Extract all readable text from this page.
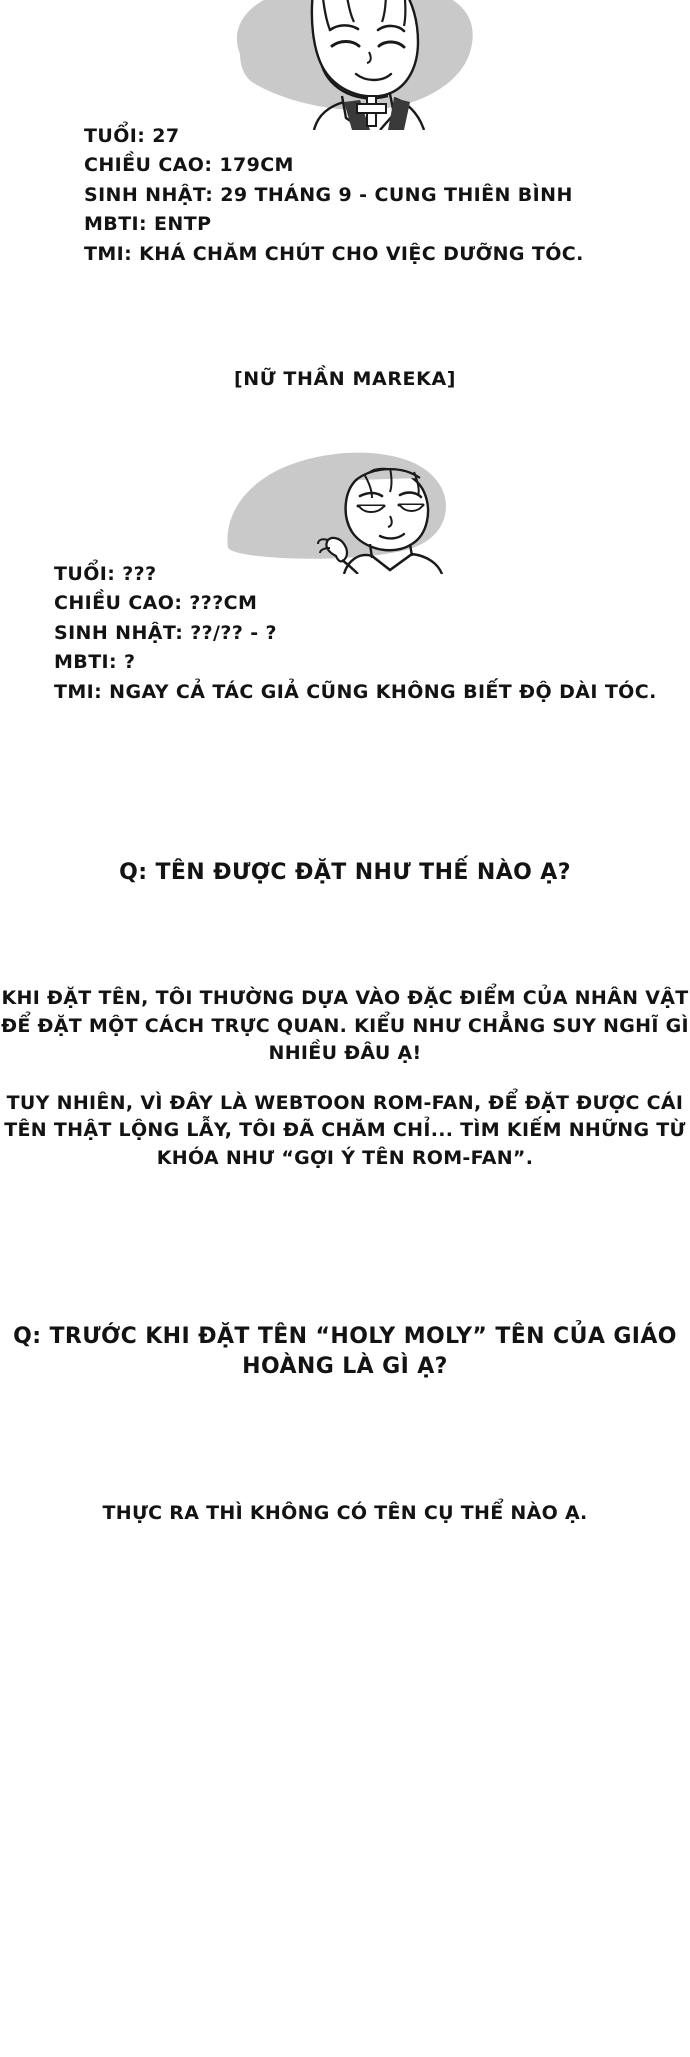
TUỔI: 27
CHIỀU CAO: 179CM
SINH NHẬT: 29 THÁNG 9 - CUNG THIÊN BÌNH
MBTI: ENTP
TMI: KHÁ CHĂM CHÚT CHO VIỆC DƯỠNG TÓC.
[NỮ THẦN MAREKA]
TUỔI: ???
CHIỀU CAO: ???CM
SINH NHẬT: ??/?? - ?
MBTI: ?
TMI: NGAY CẢ TÁC GIẢ CŨNG KHÔNG BIẾT ĐỘ DÀI TÓC.
Q: TÊN ĐƯỢC ĐẶT NHƯ THẾ NÀO Ạ?

KHI ĐẶT TÊN, TÔI THƯỜNG DỰA VÀO ĐẶC ĐIỂM CỦA NHÂN VẬT ĐỂ ĐẶT MỘT CÁCH TRỰC QUAN. KIỂU NHƯ CHẲNG SUY NGHĨ GÌ NHIỀU ĐÂU Ạ!

TUY NHIÊN, VÌ ĐÂY LÀ WEBTOON ROM-FAN, ĐỂ ĐẶT ĐƯỢC CÁI TÊN THẬT LỘNG LẪY, TÔI ĐÃ CHĂM CHỈ... TÌM KIẾM NHỮNG TỪ KHÓA NHƯ “GỢI Ý TÊN ROM-FAN”.

Q: TRƯỚC KHI ĐẶT TÊN “HOLY MOLY” TÊN CỦA GIÁO HOÀNG LÀ GÌ Ạ?

THỰC RA THÌ KHÔNG CÓ TÊN CỤ THỂ NÀO Ạ.
